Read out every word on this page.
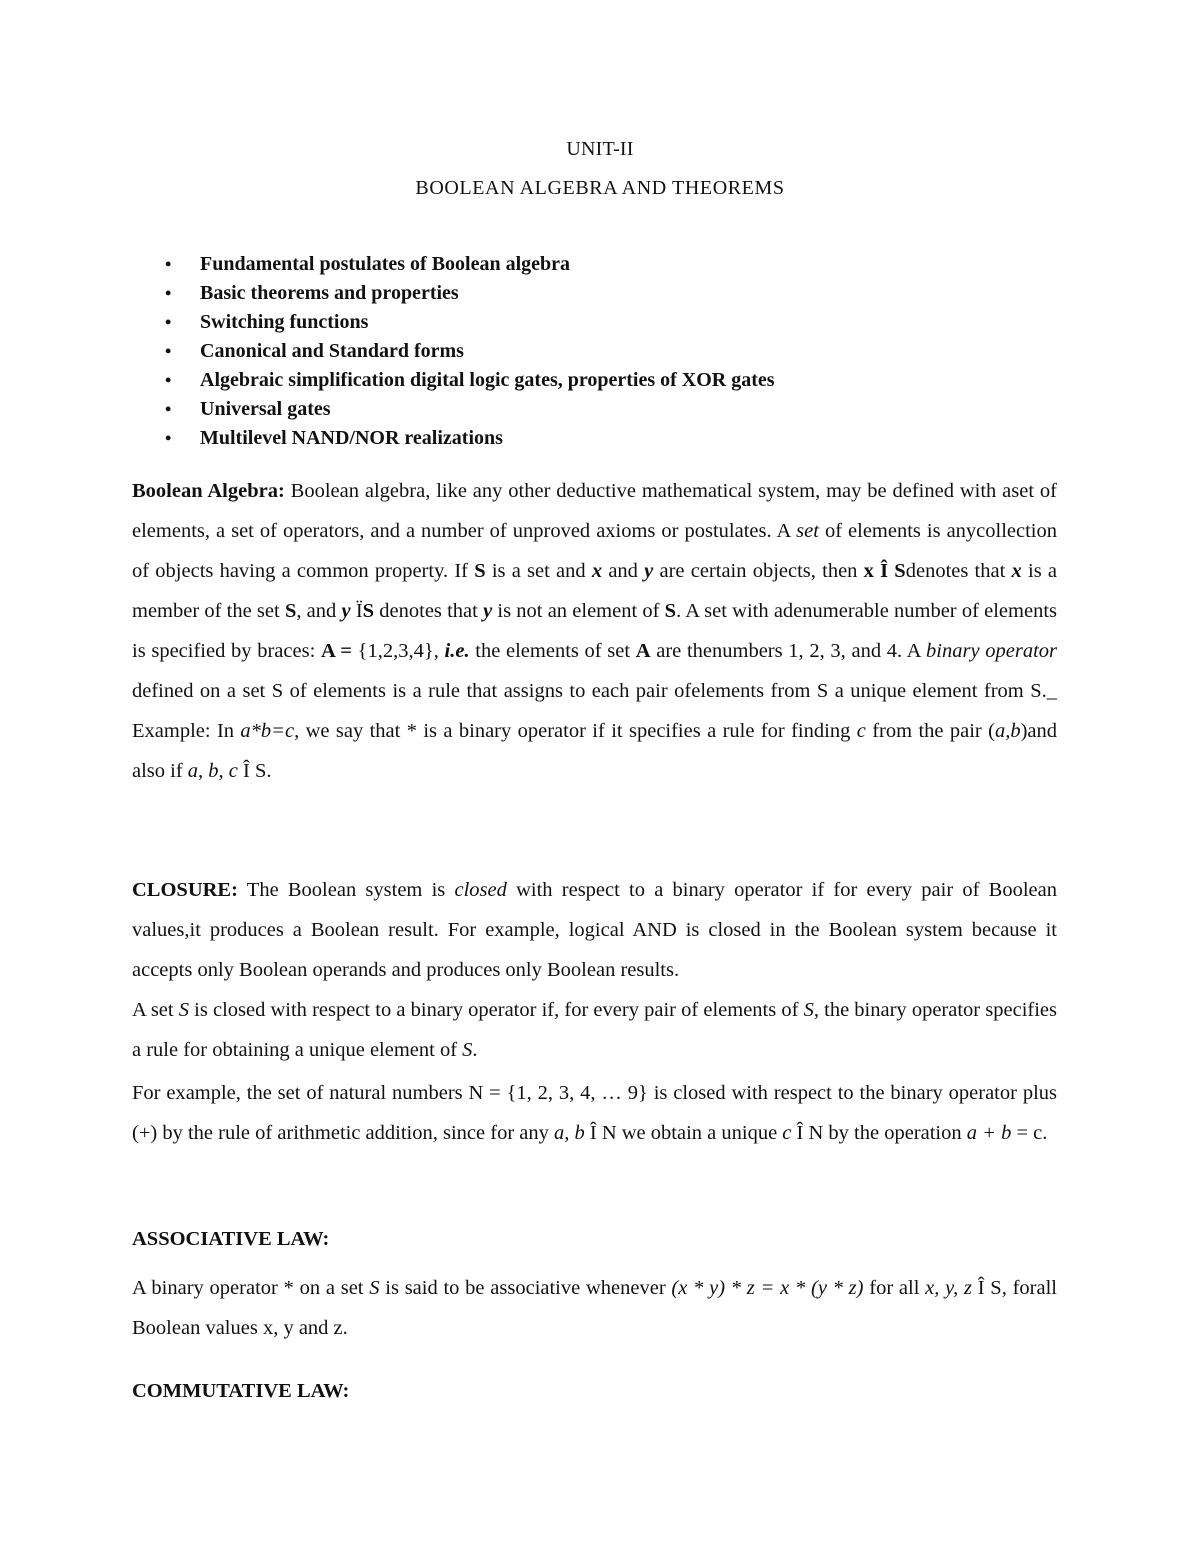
UNIT-II
BOOLEAN ALGEBRA AND THEOREMS
• Fundamental postulates of Boolean algebra
• Basic theorems and properties
• Switching functions
• Canonical and Standard forms
• Algebraic simplification digital logic gates, properties of XOR gates
• Universal gates
• Multilevel NAND/NOR realizations

Boolean Algebra: Boolean algebra, like any other deductive mathematical system, may be defined with aset of elements, a set of operators, and a number of unproved axioms or postulates. A set of elements is anycollection of objects having a common property. If S is a set and x and y are certain objects, then x Î Sdenotes that x is a member of the set S, and y ÏS denotes that y is not an element of S. A set with adenumerable number of elements is specified by braces: A = {1,2,3,4}, i.e. the elements of set A are thenumbers 1, 2, 3, and 4. A binary operator defined on a set S of elements is a rule that assigns to each pair ofelements from S a unique element from S._ Example: In a*b=c, we say that * is a binary operator if it specifies a rule for finding c from the pair (a,b)and also if a, b, c Î S.

CLOSURE: The Boolean system is closed with respect to a binary operator if for every pair of Boolean values,it produces a Boolean result. For example, logical AND is closed in the Boolean system because it accepts only Boolean operands and produces only Boolean results.

A set S is closed with respect to a binary operator if, for every pair of elements of S, the binary operator specifies a rule for obtaining a unique element of S.

For example, the set of natural numbers N = {1, 2, 3, 4, … 9} is closed with respect to the binary operator plus (+) by the rule of arithmetic addition, since for any a, b Î N we obtain a unique c Î N by the operation a + b = c.

ASSOCIATIVE LAW:

A binary operator * on a set S is said to be associative whenever (x * y) * z = x * (y * z) for all x, y, z Î S, forall Boolean values x, y and z.

COMMUTATIVE LAW:
